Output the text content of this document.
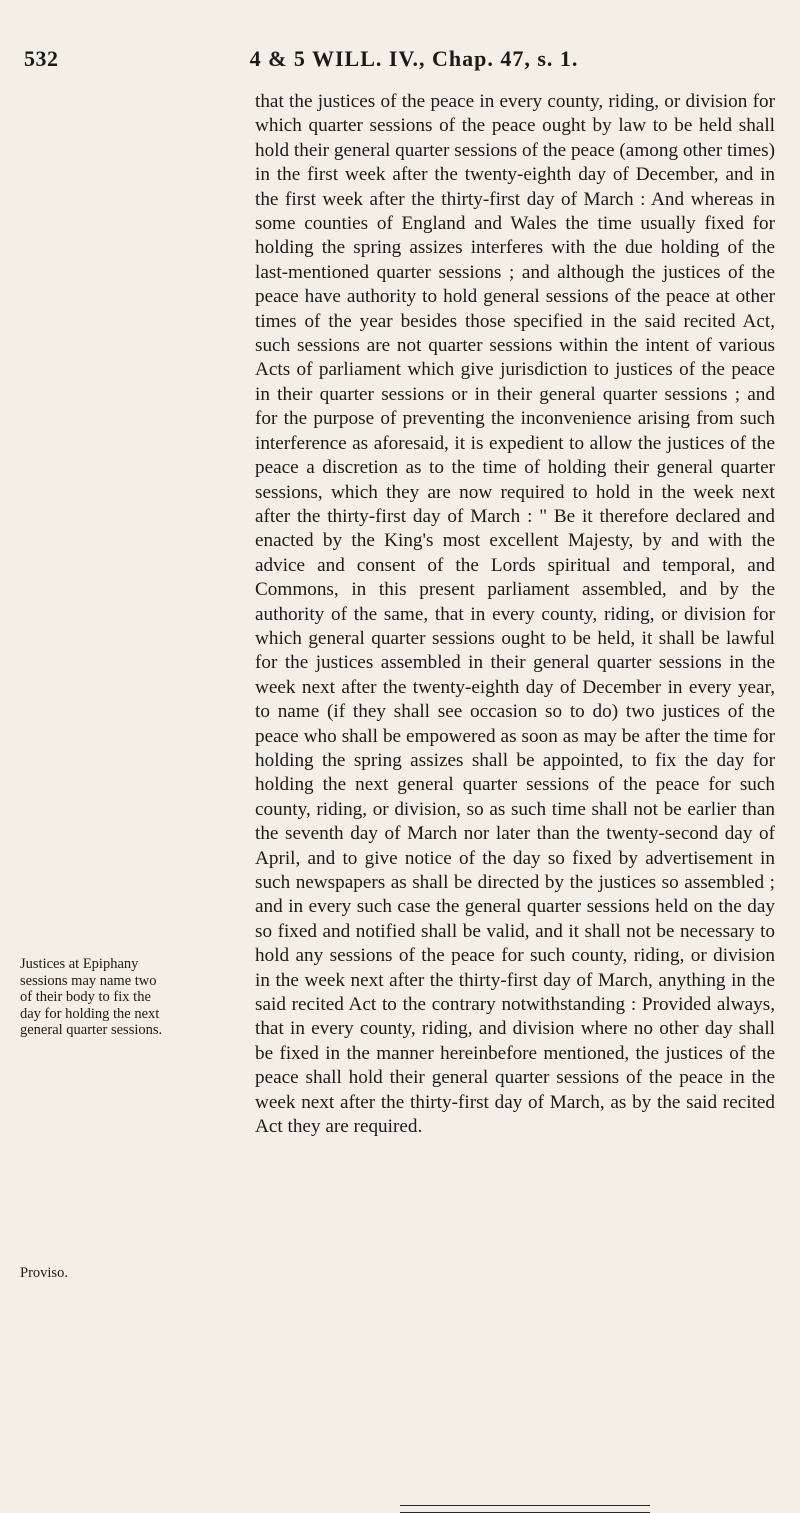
532	4 & 5 WILL. IV., Chap. 47, s. 1.

Justices at Epiphany sessions may name two of their body to fix the day for holding the next general quarter sessions.

Proviso.

that the justices of the peace in every county, riding, or division for which quarter sessions of the peace ought by law to be held shall hold their general quarter sessions of the peace (among other times) in the first week after the twenty-eighth day of December, and in the first week after the thirty-first day of March : And whereas in some counties of England and Wales the time usually fixed for holding the spring assizes interferes with the due holding of the last-mentioned quarter sessions ; and although the justices of the peace have authority to hold general sessions of the peace at other times of the year besides those specified in the said recited Act, such sessions are not quarter sessions within the intent of various Acts of parliament which give jurisdiction to justices of the peace in their quarter sessions or in their general quarter sessions ; and for the purpose of preventing the inconvenience arising from such interference as aforesaid, it is expedient to allow the justices of the peace a discretion as to the time of holding their general quarter sessions, which they are now required to hold in the week next after the thirty-first day of March : " Be it therefore declared and enacted by the King's most excellent Majesty, by and with the advice and consent of the Lords spiritual and temporal, and Commons, in this present parliament assembled, and by the authority of the same, that in every county, riding, or division for which general quarter sessions ought to be held, it shall be lawful for the justices assembled in their general quarter sessions in the week next after the twenty-eighth day of December in every year, to name (if they shall see occasion so to do) two justices of the peace who shall be empowered as soon as may be after the time for holding the spring assizes shall be appointed, to fix the day for holding the next general quarter sessions of the peace for such county, riding, or division, so as such time shall not be earlier than the seventh day of March nor later than the twenty-second day of April, and to give notice of the day so fixed by advertisement in such newspapers as shall be directed by the justices so assembled ; and in every such case the general quarter sessions held on the day so fixed and notified shall be valid, and it shall not be necessary to hold any sessions of the peace for such county, riding, or division in the week next after the thirty-first day of March, anything in the said recited Act to the contrary notwithstanding : Provided always, that in every county, riding, and division where no other day shall be fixed in the manner hereinbefore mentioned, the justices of the peace shall hold their general quarter sessions of the peace in the week next after the thirty-first day of March, as by the said recited Act they are required.
